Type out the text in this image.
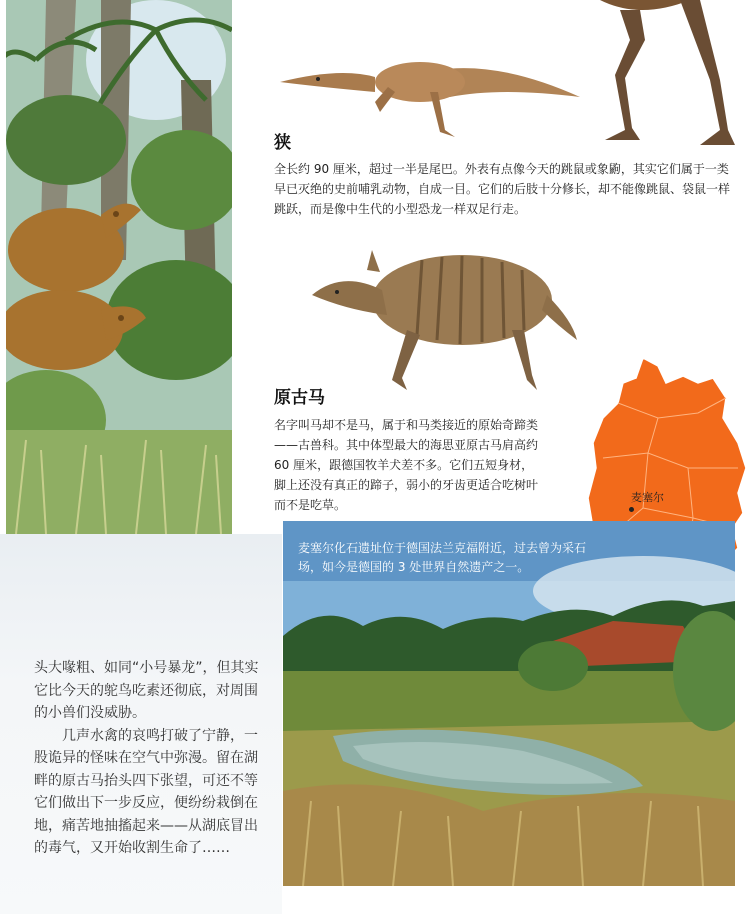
狭
全长约 90 厘米，超过一半是尾巴。外表有点像今天的跳鼠或象鼩，其实它们属于一类早已灭绝的史前哺乳动物，自成一目。它们的后肢十分修长，却不能像跳鼠、袋鼠一样跳跃，而是像中生代的小型恐龙一样双足行走。
原古马
名字叫马却不是马，属于和马类接近的原始奇蹄类——古兽科。其中体型最大的海思亚原古马肩高约 60 厘米，跟德国牧羊犬差不多。它们五短身材，脚上还没有真正的蹄子，弱小的牙齿更适合吃树叶而不是吃草。
麦塞尔
麦塞尔化石遗址位于德国法兰克福附近，过去曾为采石场，如今是德国的 3 处世界自然遗产之一。

头大喙粗、如同“小号暴龙”，但其实它比今天的鸵鸟吃素还彻底，对周围的小兽们没威胁。

几声水禽的哀鸣打破了宁静，一股诡异的怪味在空气中弥漫。留在湖畔的原古马抬头四下张望，可还不等它们做出下一步反应，便纷纷栽倒在地，痛苦地抽搐起来——从湖底冒出的毒气，又开始收割生命了……
